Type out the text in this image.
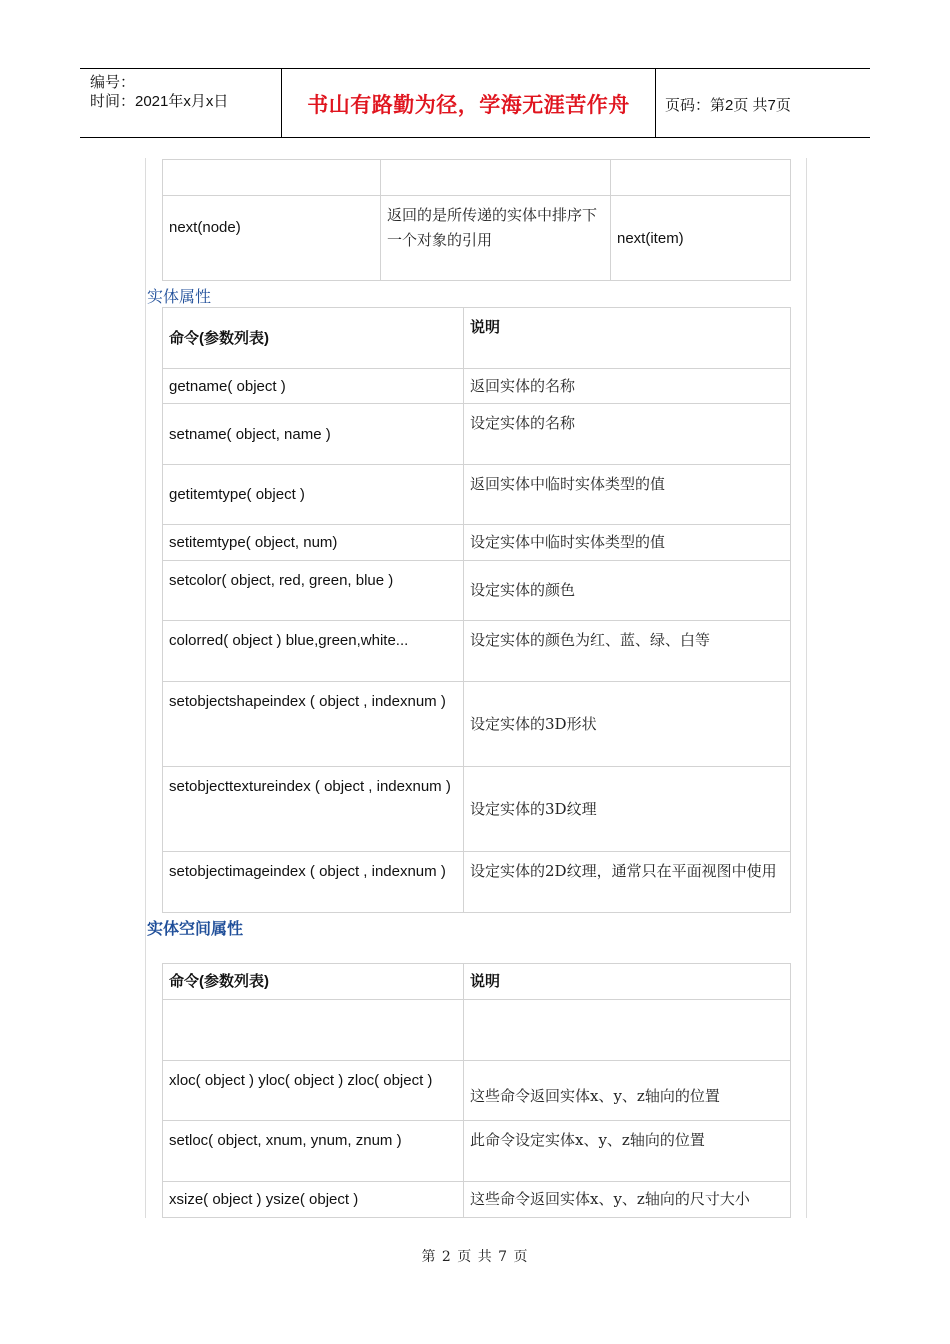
编号：
时间：2021年x月x日	书山有路勤为径，学海无涯苦作舟	页码：第2页 共7页

next(node)	返回的是所传递的实体中排序下一个对象的引用	next(item)
实体属性
命令(参数列表)	说明
getname( object )	返回实体的名称
setname( object, name )	设定实体的名称
getitemtype( object )	返回实体中临时实体类型的值
setitemtype( object, num)	设定实体中临时实体类型的值
setcolor( object, red, green, blue )	设定实体的颜色
colorred( object ) blue,green,white...	设定实体的颜色为红、蓝、绿、白等
setobjectshapeindex ( object , indexnum )	设定实体的3D形状
setobjecttextureindex ( object , indexnum )	设定实体的3D纹理
setobjectimageindex ( object , indexnum )	设定实体的2D纹理，通常只在平面视图中使用
实体空间属性
命令(参数列表)	说明

xloc( object ) yloc( object ) zloc( object )	这些命令返回实体x、y、z轴向的位置
setloc( object, xnum, ynum, znum )	此命令设定实体x、y、z轴向的位置
xsize( object ) ysize( object )	这些命令返回实体x、y、z轴向的尺寸大小
第 2 页 共 7 页
